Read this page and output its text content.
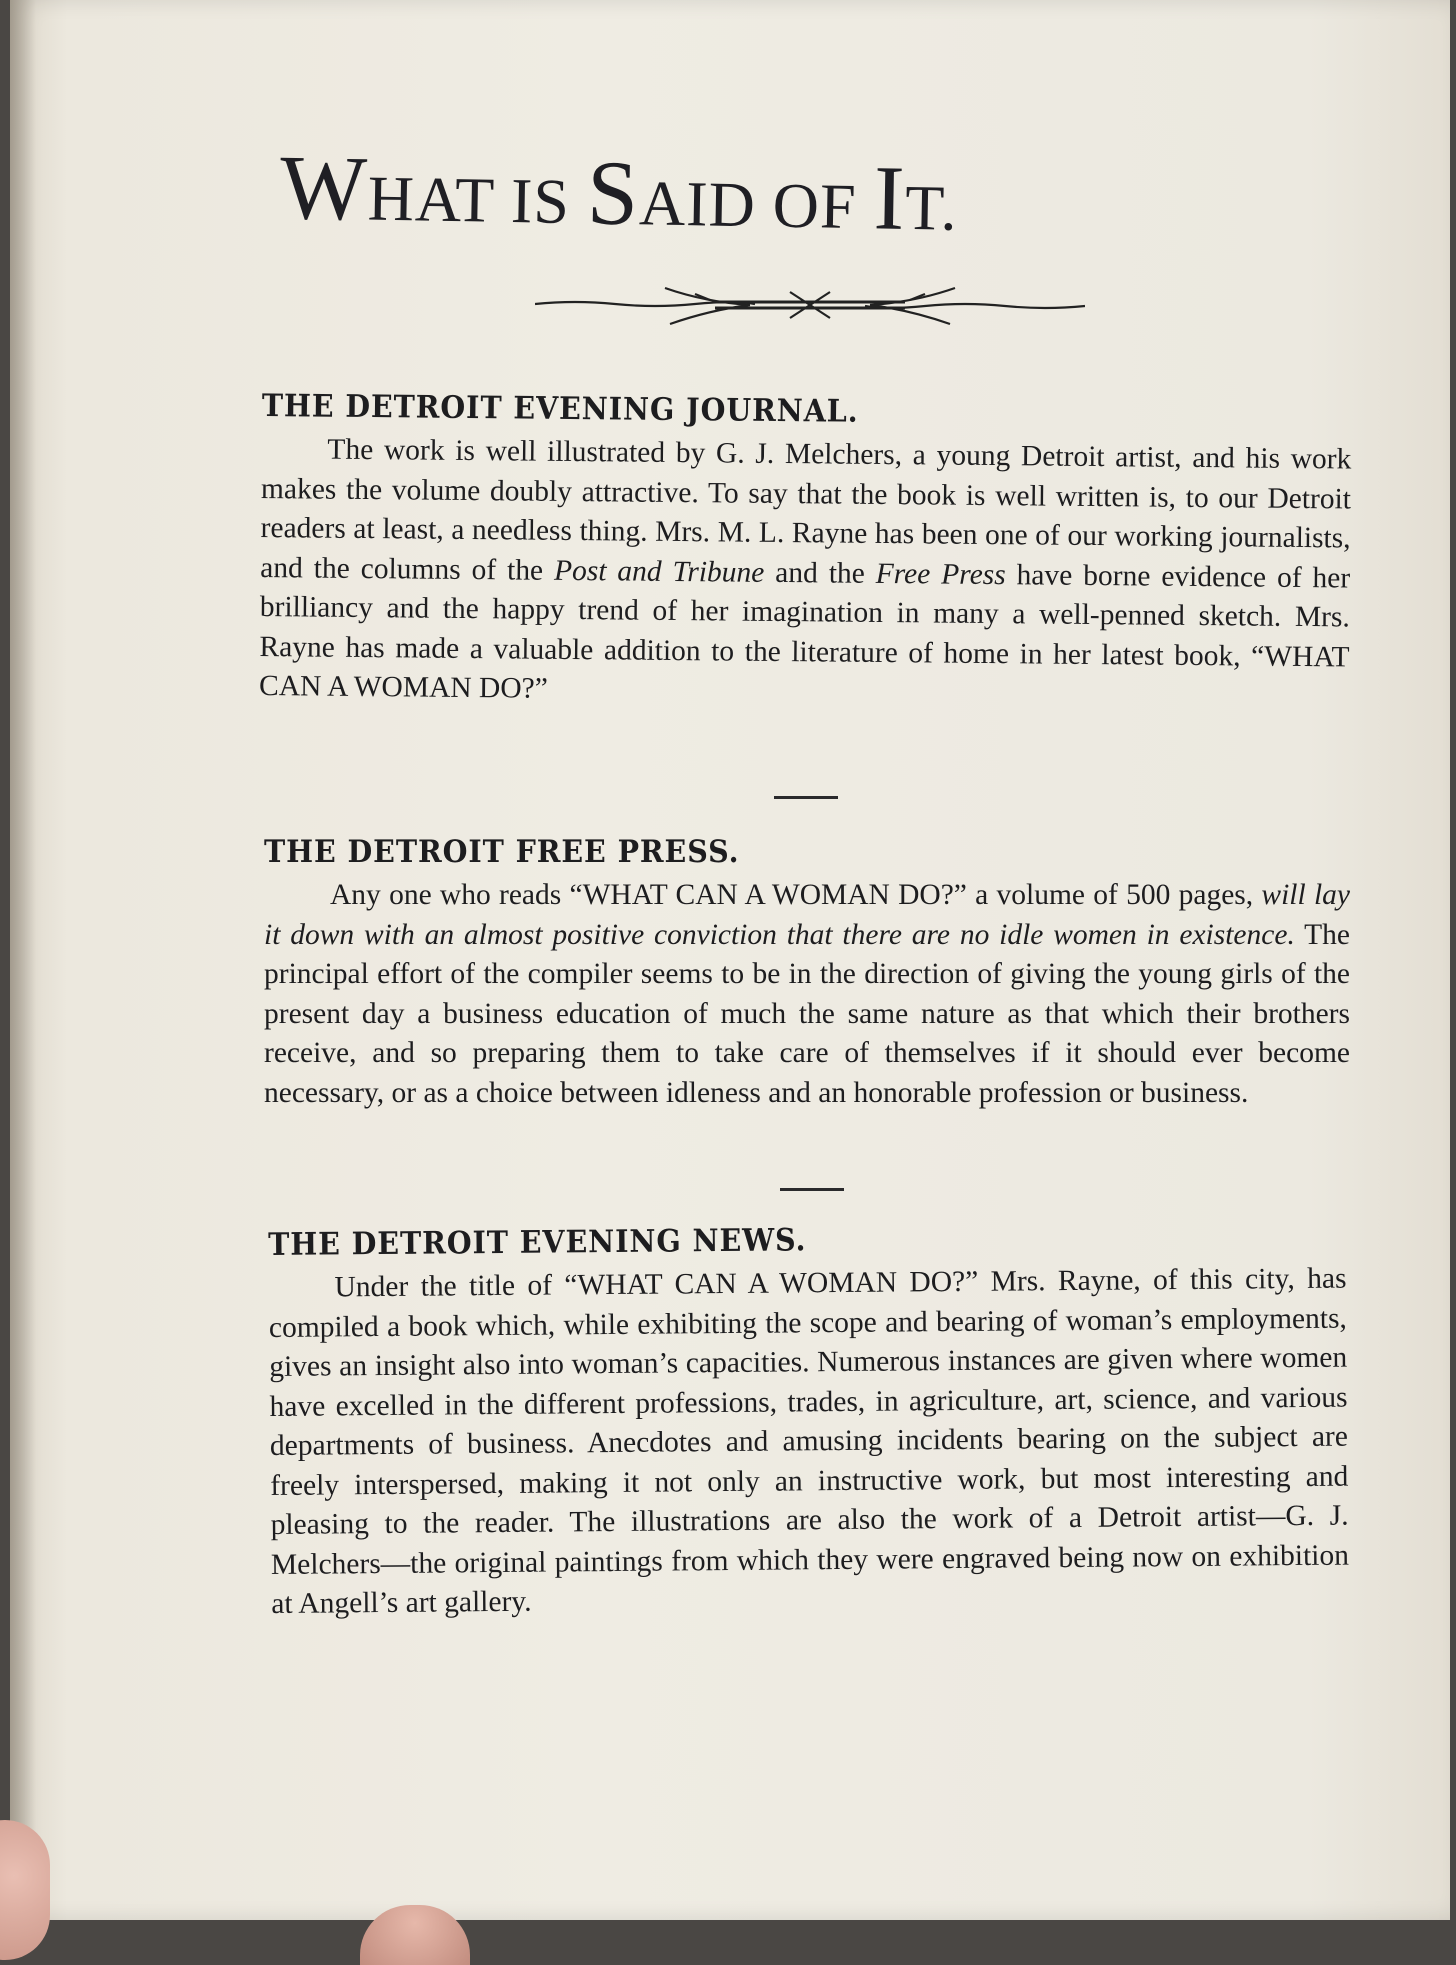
WHAT IS SAID OF IT.
THE DETROIT EVENING JOURNAL.

The work is well illustrated by G. J. Melchers, a young Detroit artist, and his work makes the volume doubly attractive. To say that the book is well written is, to our Detroit readers at least, a needless thing. Mrs. M. L. Rayne has been one of our working journalists, and the columns of the Post and Tribune and the Free Press have borne evidence of her brilliancy and the happy trend of her imagination in many a well-penned sketch. Mrs. Rayne has made a valuable addition to the literature of home in her latest book, “WHAT CAN A WOMAN DO?”

THE DETROIT FREE PRESS.

Any one who reads “WHAT CAN A WOMAN DO?” a volume of 500 pages, will lay it down with an almost positive conviction that there are no idle women in existence. The principal effort of the compiler seems to be in the direction of giving the young girls of the present day a business education of much the same nature as that which their brothers receive, and so preparing them to take care of themselves if it should ever become necessary, or as a choice between idleness and an honorable profession or business.

THE DETROIT EVENING NEWS.

Under the title of “WHAT CAN A WOMAN DO?” Mrs. Rayne, of this city, has compiled a book which, while exhibiting the scope and bearing of woman’s employments, gives an insight also into woman’s capacities. Numerous instances are given where women have excelled in the different professions, trades, in agriculture, art, science, and various departments of business. Anecdotes and amusing incidents bearing on the subject are freely interspersed, making it not only an instructive work, but most interesting and pleasing to the reader. The illustrations are also the work of a Detroit artist—G. J. Melchers—the original paintings from which they were engraved being now on exhibition at Angell’s art gallery.
